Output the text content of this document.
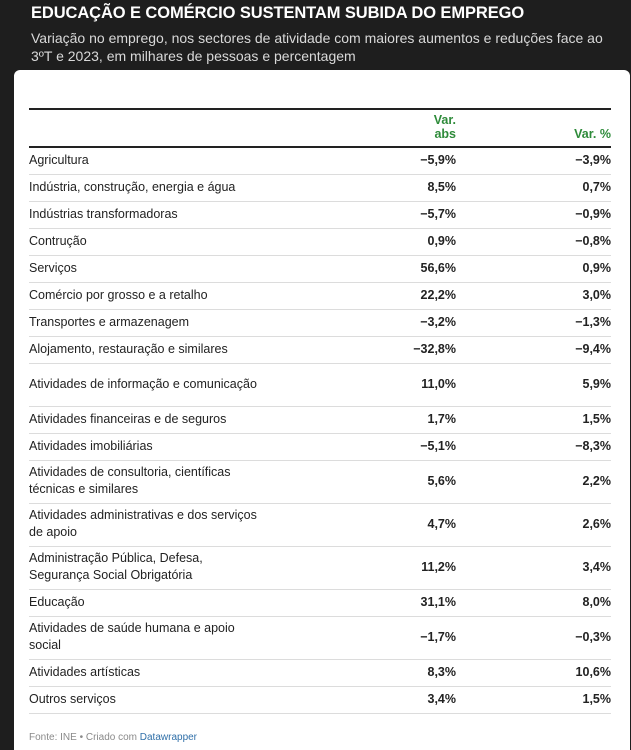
EDUCAÇÃO E COMÉRCIO SUSTENTAM SUBIDA DO EMPREGO
Variação no emprego, nos sectores de atividade com maiores aumentos e reduções face ao 3ºT e 2023, em milhares de pessoas e percentagem
	Var. abs	Var. %
Agricultura	−5,9%	−3,9%
Indústria, construção, energia e água	8,5%	0,7%
Indústrias transformadoras	−5,7%	−0,9%
Contrução	0,9%	−0,8%
Serviços	56,6%	0,9%
Comércio por grosso e a retalho	22,2%	3,0%
Transportes e armazenagem	−3,2%	−1,3%
Alojamento, restauração e similares	−32,8%	−9,4%
Atividades de informação e comunicação	11,0%	5,9%
Atividades financeiras e de seguros	1,7%	1,5%
Atividades imobiliárias	−5,1%	−8,3%
Atividades de consultoria, científicas técnicas e similares	5,6%	2,2%
Atividades administrativas e dos serviços de apoio	4,7%	2,6%
Administração Pública, Defesa, Segurança Social Obrigatória	11,2%	3,4%
Educação	31,1%	8,0%
Atividades de saúde humana e apoio social	−1,7%	−0,3%
Atividades artísticas	8,3%	10,6%
Outros serviços	3,4%	1,5%
Fonte: INE • Criado com Datawrapper
